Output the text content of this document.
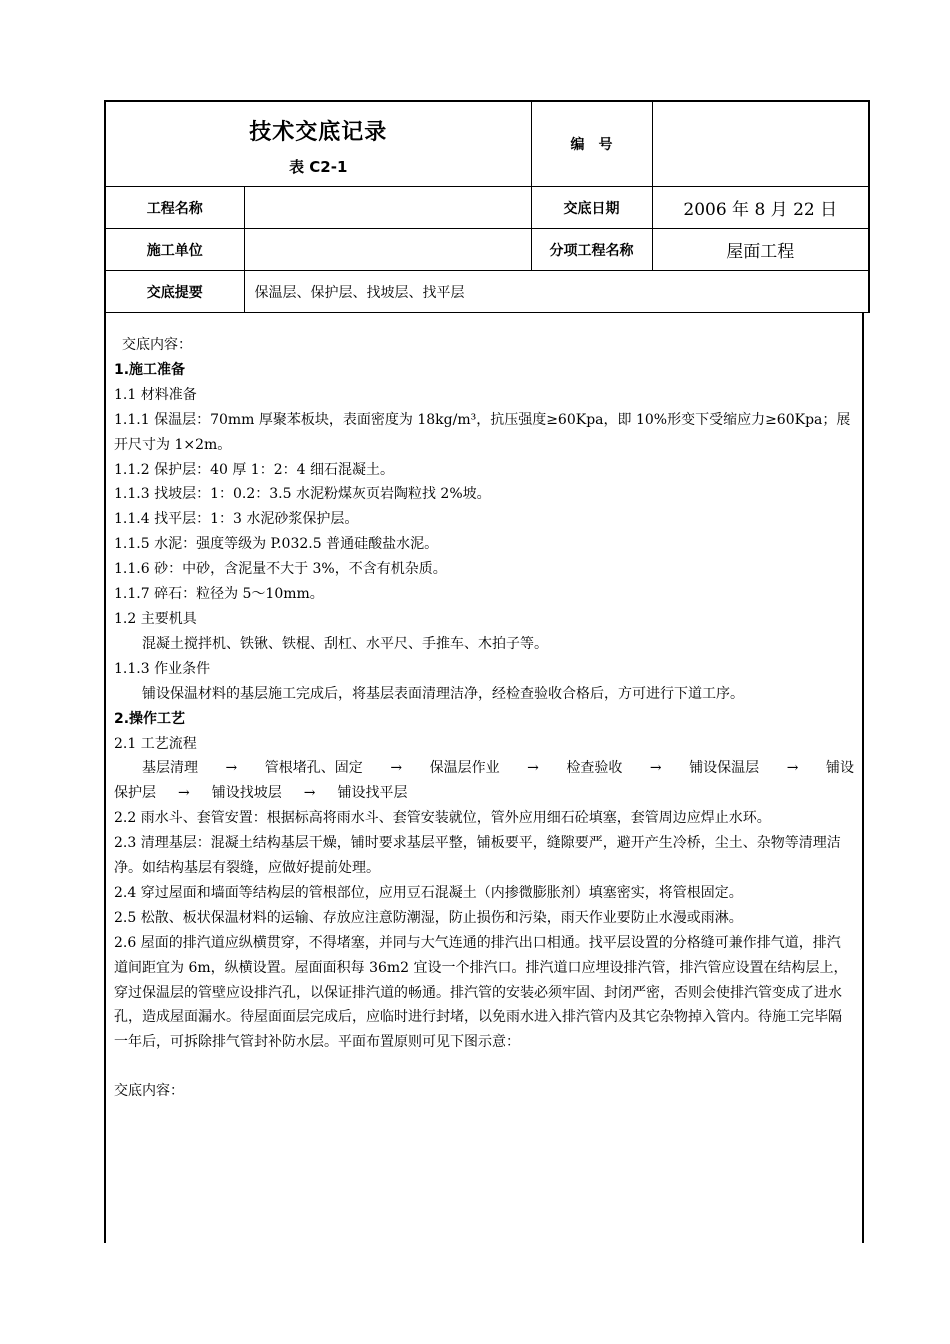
技术交底记录
表 C2-1		编　号	
工程名称		交底日期	2006 年 8 月 22 日
施工单位		分项工程名称	屋面工程
交底提要	保温层、保护层、找坡层、找平层		

交底内容：

1.施工准备

1.1 材料准备

1.1.1 保温层：70mm 厚聚苯板块，表面密度为 18kg/m³，抗压强度≥60Kpa，即 10%形变下受缩应力≥60Kpa；展开尺寸为 1×2m。

1.1.2 保护层：40 厚 1：2：4 细石混凝土。

1.1.3 找坡层：1：0.2：3.5 水泥粉煤灰页岩陶粒找 2%坡。

1.1.4 找平层：1：3 水泥砂浆保护层。

1.1.5 水泥：强度等级为 P.032.5 普通硅酸盐水泥。

1.1.6 砂：中砂，含泥量不大于 3%，不含有机杂质。

1.1.7 碎石：粒径为 5～10mm。

1.2 主要机具

混凝土搅拌机、铁锹、铁棍、刮杠、水平尺、手推车、木拍子等。

1.1.3 作业条件

铺设保温材料的基层施工完成后，将基层表面清理洁净，经检查验收合格后，方可进行下道工序。

2.操作工艺

2.1 工艺流程

基层清理 → 管根堵孔、固定 → 保温层作业 → 检查验收 → 铺设保温层 → 铺设
保护层 → 铺设找坡层 → 铺设找平层

2.2 雨水斗、套管安置：根据标高将雨水斗、套管安装就位，管外应用细石砼填塞，套管周边应焊止水环。

2.3 清理基层：混凝土结构基层干燥，铺时要求基层平整，铺板要平，缝隙要严，避开产生冷桥，尘土、杂物等清理洁净。如结构基层有裂缝，应做好提前处理。

2.4 穿过屋面和墙面等结构层的管根部位，应用豆石混凝土（内掺微膨胀剂）填塞密实，将管根固定。

2.5 松散、板状保温材料的运输、存放应注意防潮湿，防止损伤和污染，雨天作业要防止水漫或雨淋。

2.6 屋面的排汽道应纵横贯穿，不得堵塞，并同与大气连通的排汽出口相通。找平层设置的分格缝可兼作排气道，排汽道间距宜为 6m，纵横设置。屋面面积每 36m2 宜设一个排汽口。排汽道口应埋设排汽管，排汽管应设置在结构层上，穿过保温层的管壁应设排汽孔，以保证排汽道的畅通。排汽管的安装必须牢固、封闭严密，否则会使排汽管变成了进水孔，造成屋面漏水。待屋面面层完成后，应临时进行封堵，以免雨水进入排汽管内及其它杂物掉入管内。待施工完毕隔一年后，可拆除排气管封补防水层。平面布置原则可见下图示意：

交底内容：
